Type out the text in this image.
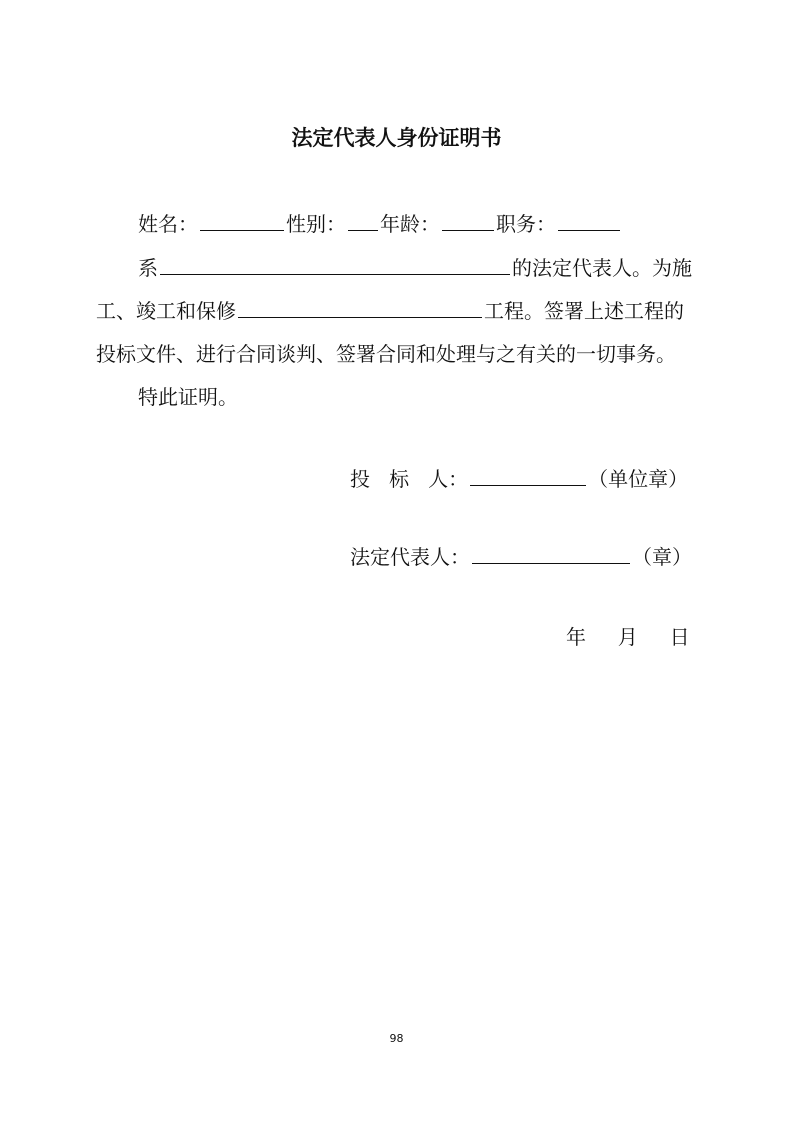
法定代表人身份证明书
姓名：	性别： 年龄：	职务：
系	的法定代表人。为施
工、竣工和保修	工程。签署上述工程的
投标文件、进行合同谈判、签署合同和处理与之有关的一切事务。
特此证明。
投   标   人：	（单位章）
法定代表人：	（章）
年     月     日
98
